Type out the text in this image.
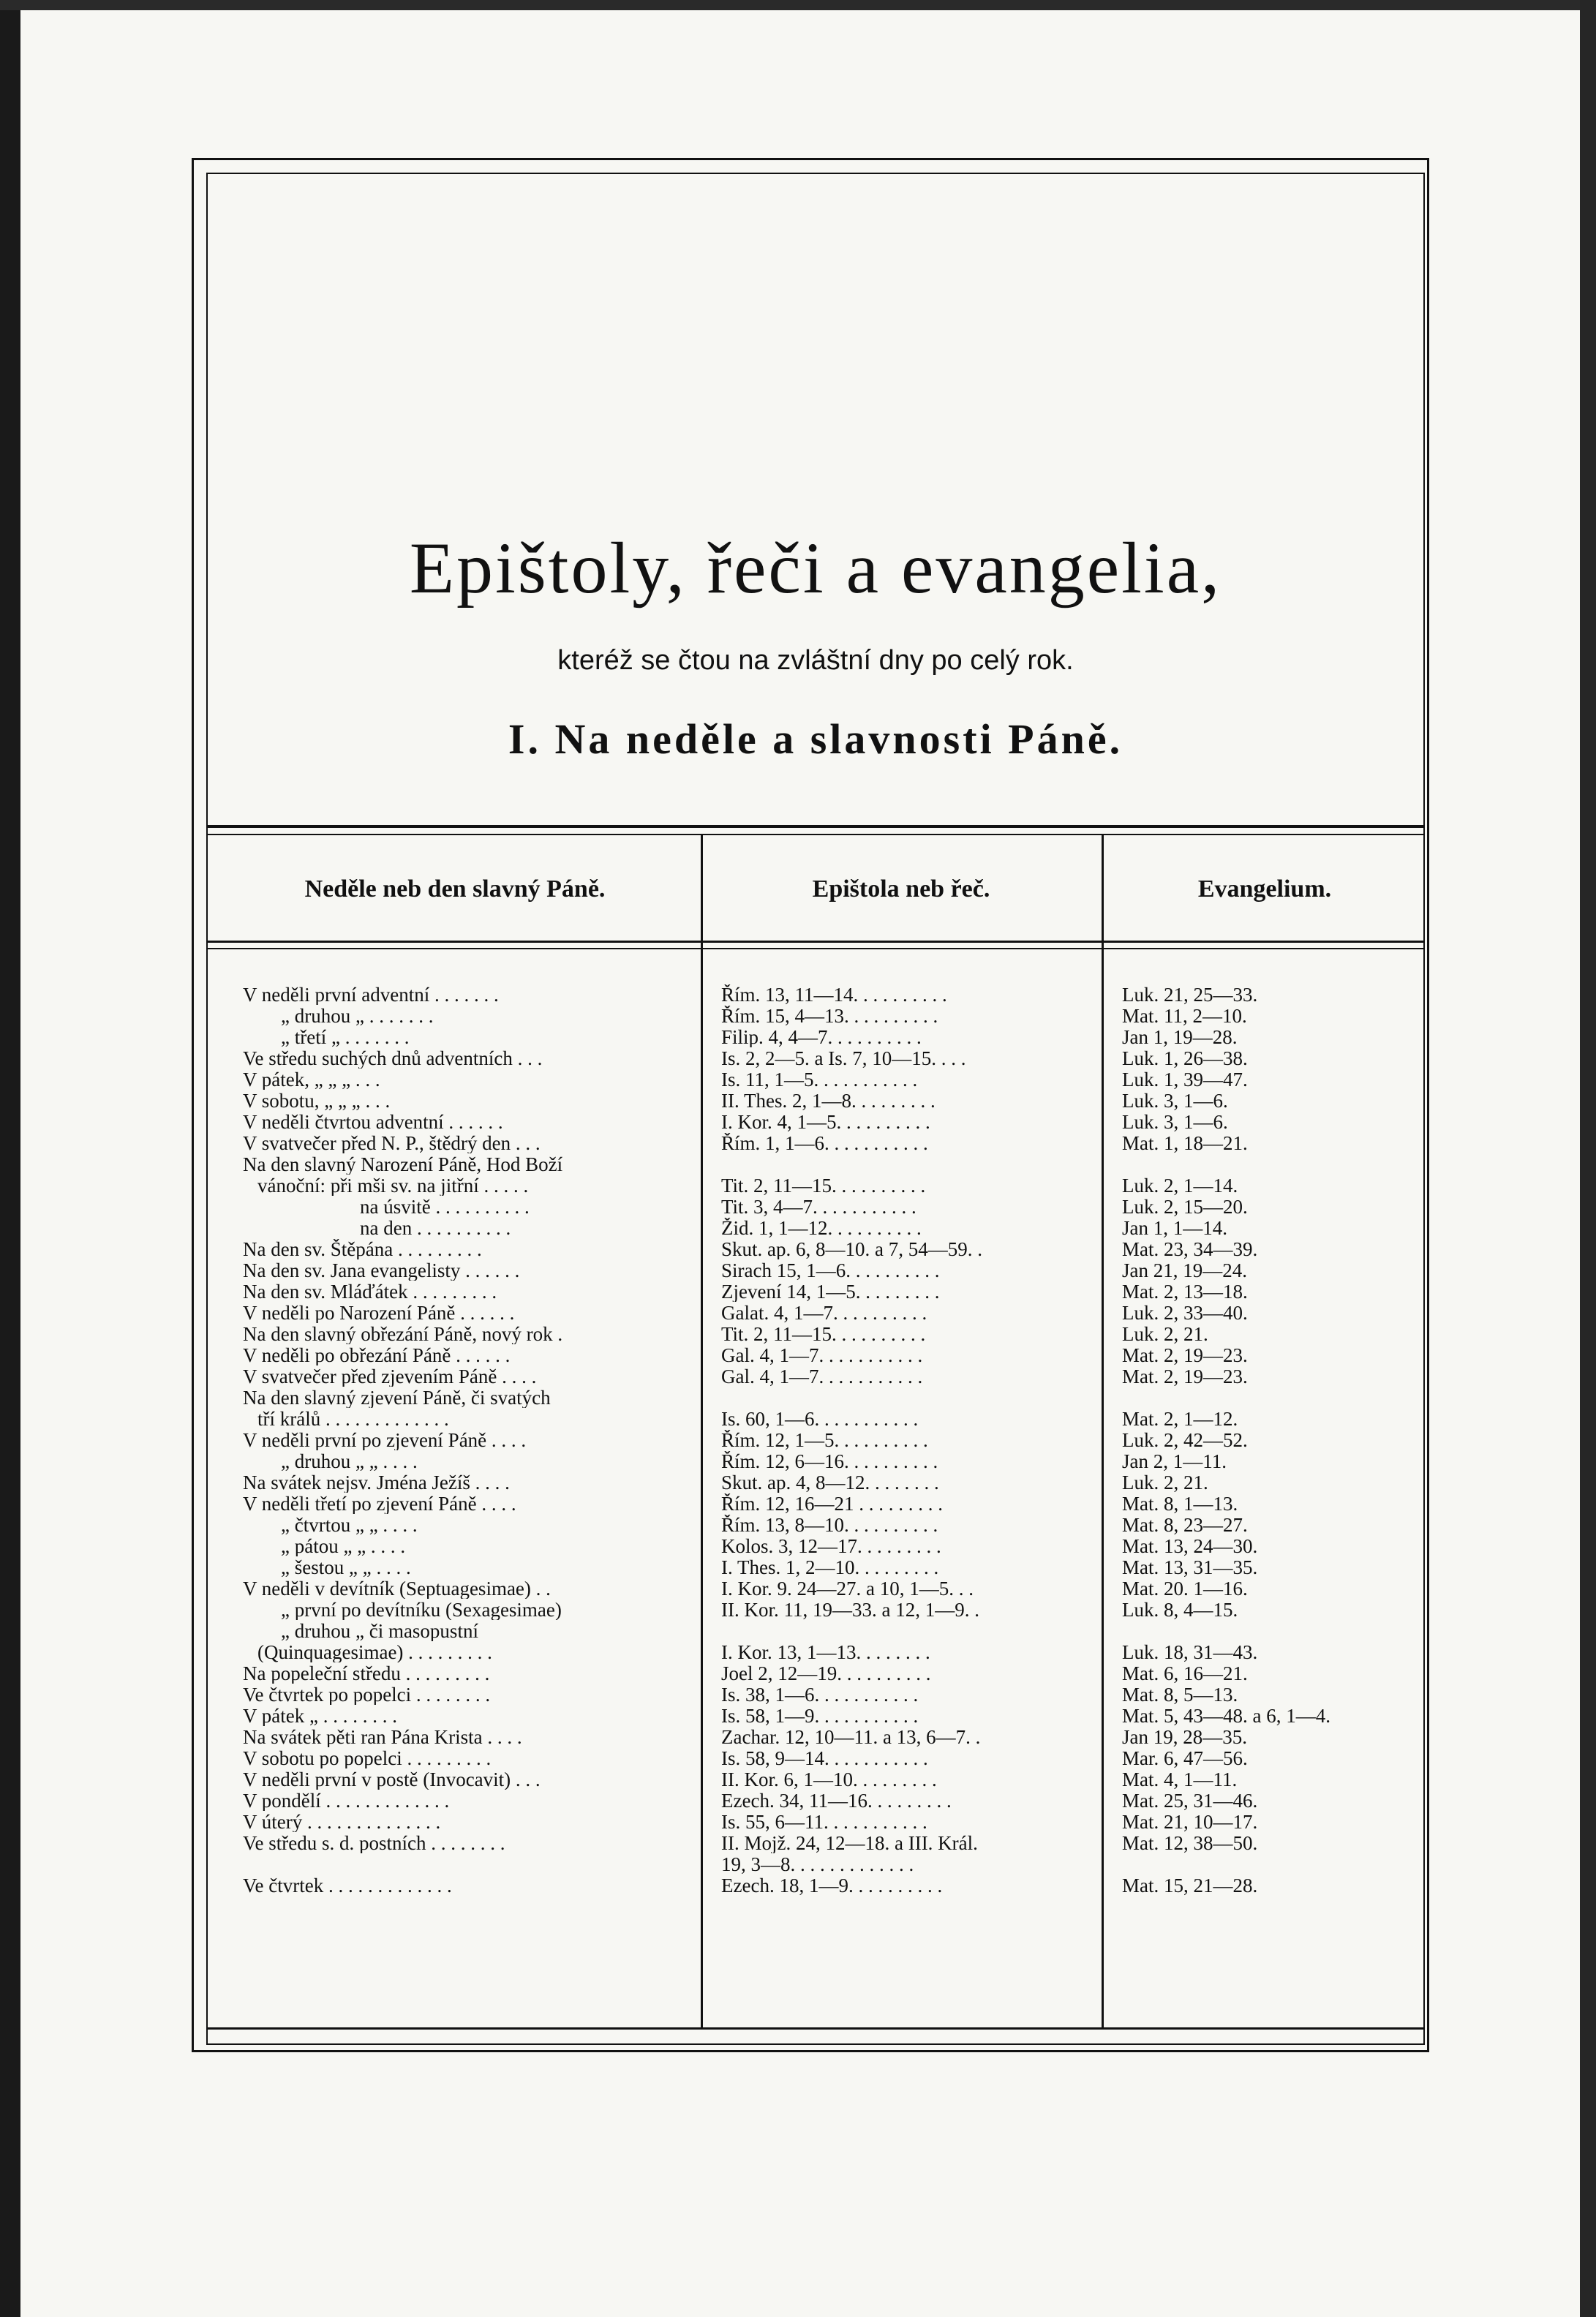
Epištoly, řeči a evangelia,
kteréž se čtou na zvláštní dny po celý rok.
I. Na neděle a slavnosti Páně.
Neděle neb den slavný Páně.	Epištola neb řeč.	Evangelium.
V neděli první adventní . . . . . . .	Řím. 13, 11—14. . . . . . . . . .	Luk. 21, 25—33.
„ druhou „ . . . . . . .	Řím. 15, 4—13. . . . . . . . . .	Mat. 11, 2—10.
„ třetí „ . . . . . . .	Filip. 4, 4—7. . . . . . . . . .	Jan 1, 19—28.
Ve středu suchých dnů adventních . . .	Is. 2, 2—5. a Is. 7, 10—15. . . .	Luk. 1, 26—38.
V pátek, „ „ „ . . .	Is. 11, 1—5. . . . . . . . . . .	Luk. 1, 39—47.
V sobotu, „ „ „ . . .	II. Thes. 2, 1—8. . . . . . . . .	Luk. 3, 1—6.
V neděli čtvrtou adventní . . . . . .	I. Kor. 4, 1—5. . . . . . . . . .	Luk. 3, 1—6.
V svatvečer před N. P., štědrý den . . .	Řím. 1, 1—6. . . . . . . . . . .	Mat. 1, 18—21.
Na den slavný Narození Páně, Hod Boží
vánoční: při mši sv. na jitřní . . . . .	Tit. 2, 11—15. . . . . . . . . .	Luk. 2, 1—14.
na úsvitě . . . . . . . . . .	Tit. 3, 4—7. . . . . . . . . . .	Luk. 2, 15—20.
na den . . . . . . . . . .	Žid. 1, 1—12. . . . . . . . . .	Jan 1, 1—14.
Na den sv. Štěpána . . . . . . . . .	Skut. ap. 6, 8—10. a 7, 54—59. .	Mat. 23, 34—39.
Na den sv. Jana evangelisty . . . . . .	Sirach 15, 1—6. . . . . . . . . .	Jan 21, 19—24.
Na den sv. Mláďátek . . . . . . . . .	Zjevení 14, 1—5. . . . . . . . .	Mat. 2, 13—18.
V neděli po Narození Páně . . . . . .	Galat. 4, 1—7. . . . . . . . . .	Luk. 2, 33—40.
Na den slavný obřezání Páně, nový rok .	Tit. 2, 11—15. . . . . . . . . .	Luk. 2, 21.
V neděli po obřezání Páně . . . . . .	Gal. 4, 1—7. . . . . . . . . . .	Mat. 2, 19—23.
V svatvečer před zjevením Páně . . . .	Gal. 4, 1—7. . . . . . . . . . .	Mat. 2, 19—23.
Na den slavný zjevení Páně, či svatých
tří králů . . . . . . . . . . . . .	Is. 60, 1—6. . . . . . . . . . .	Mat. 2, 1—12.
V neděli první po zjevení Páně . . . .	Řím. 12, 1—5. . . . . . . . . .	Luk. 2, 42—52.
„ druhou „ „ . . . .	Řím. 12, 6—16. . . . . . . . . .	Jan 2, 1—11.
Na svátek nejsv. Jména Ježíš . . . .	Skut. ap. 4, 8—12. . . . . . . .	Luk. 2, 21.
V neděli třetí po zjevení Páně . . . .	Řím. 12, 16—21 . . . . . . . . .	Mat. 8, 1—13.
„ čtvrtou „ „ . . . .	Řím. 13, 8—10. . . . . . . . . .	Mat. 8, 23—27.
„ pátou „ „ . . . .	Kolos. 3, 12—17. . . . . . . . .	Mat. 13, 24—30.
„ šestou „ „ . . . .	I. Thes. 1, 2—10. . . . . . . . .	Mat. 13, 31—35.
V neděli v devítník (Septuagesimae) . .	I. Kor. 9. 24—27. a 10, 1—5. . .	Mat. 20. 1—16.
„ první po devítníku (Sexagesimae)	II. Kor. 11, 19—33. a 12, 1—9. .	Luk. 8, 4—15.
„ druhou „ či masopustní
(Quinquagesimae) . . . . . . . . .	I. Kor. 13, 1—13. . . . . . . .	Luk. 18, 31—43.
Na popeleční středu . . . . . . . . .	Joel 2, 12—19. . . . . . . . . .	Mat. 6, 16—21.
Ve čtvrtek po popelci . . . . . . . .	Is. 38, 1—6. . . . . . . . . . .	Mat. 8, 5—13.
V pátek „ . . . . . . . .	Is. 58, 1—9. . . . . . . . . . .	Mat. 5, 43—48. a 6, 1—4.
Na svátek pěti ran Pána Krista . . . .	Zachar. 12, 10—11. a 13, 6—7. .	Jan 19, 28—35.
V sobotu po popelci . . . . . . . . .	Is. 58, 9—14. . . . . . . . . . .	Mar. 6, 47—56.
V neděli první v postě (Invocavit) . . .	II. Kor. 6, 1—10. . . . . . . . .	Mat. 4, 1—11.
V pondělí . . . . . . . . . . . . .	Ezech. 34, 11—16. . . . . . . . .	Mat. 25, 31—46.
V úterý . . . . . . . . . . . . . .	Is. 55, 6—11. . . . . . . . . . .	Mat. 21, 10—17.
Ve středu s. d. postních . . . . . . . .	II. Mojž. 24, 12—18. a III. Král.	Mat. 12, 38—50.
19, 3—8. . . . . . . . . . . . .
Ve čtvrtek . . . . . . . . . . . . .	Ezech. 18, 1—9. . . . . . . . . .	Mat. 15, 21—28.
